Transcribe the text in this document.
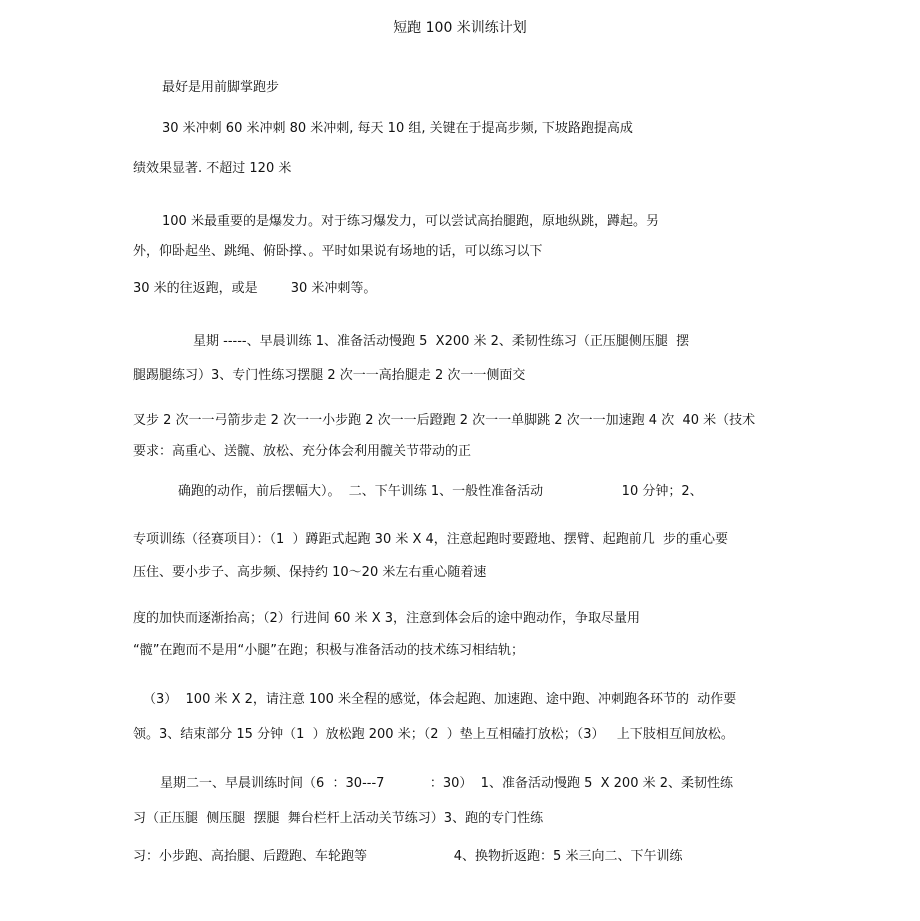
短跑 100 米训练计划
最好是用前脚掌跑步
30 米冲刺 60 米冲刺 80 米冲刺, 每天 10 组, 关键在于提高步频, 下坡路跑提高成
绩效果显著. 不超过 120 米
100 米最重要的是爆发力。对于练习爆发力，可以尝试高抬腿跑，原地纵跳，蹲起。另
外，仰卧起坐、跳绳、俯卧撑、。平时如果说有场地的话，可以练习以下
30 米的往返跑，或是        30 米冲刺等。
星期 -----、早晨训练 1、准备活动慢跑 5  X200 米 2、柔韧性练习（正压腿侧压腿  摆
腿踢腿练习）3、专门性练习摆腿 2 次一一高抬腿走 2 次一一侧面交
叉步 2 次一一弓箭步走 2 次一一小步跑 2 次一一后蹬跑 2 次一一单脚跳 2 次一一加速跑 4 次  40 米（技术
要求：高重心、送髋、放松、充分体会利用髋关节带动的正
确跑的动作，前后摆幅大）。  二、下午训练 1、一般性准备活动                   10 分钟；2、
专项训练（径赛项目）：（1  ）蹲距式起跑 30 米 X 4，注意起跑时要蹬地、摆臂、起跑前几  步的重心要
压住、要小步子、高步频、保持约 10～20 米左右重心随着速
度的加快而逐渐抬高；（2）行进间 60 米 X 3，注意到体会后的途中跑动作，争取尽量用
“髋”在跑而不是用“小腿”在跑；积极与准备活动的技术练习相结轨；
（3）  100 米 X 2，请注意 100 米全程的感觉，体会起跑、加速跑、途中跑、冲刺跑各环节的  动作要
领。3、结束部分 15 分钟（1  ）放松跑 200 米；（2  ）垫上互相磕打放松；（3）   上下肢相互间放松。
星期二一、早晨训练时间（6  ：30---7           ：30）  1、准备活动慢跑 5  X 200 米 2、柔韧性练
习（正压腿  侧压腿  摆腿  舞台栏杆上活动关节练习）3、跑的专门性练
习：小步跑、高抬腿、后蹬跑、车轮跑等                     4、换物折返跑：5 米三向二、下午训练
